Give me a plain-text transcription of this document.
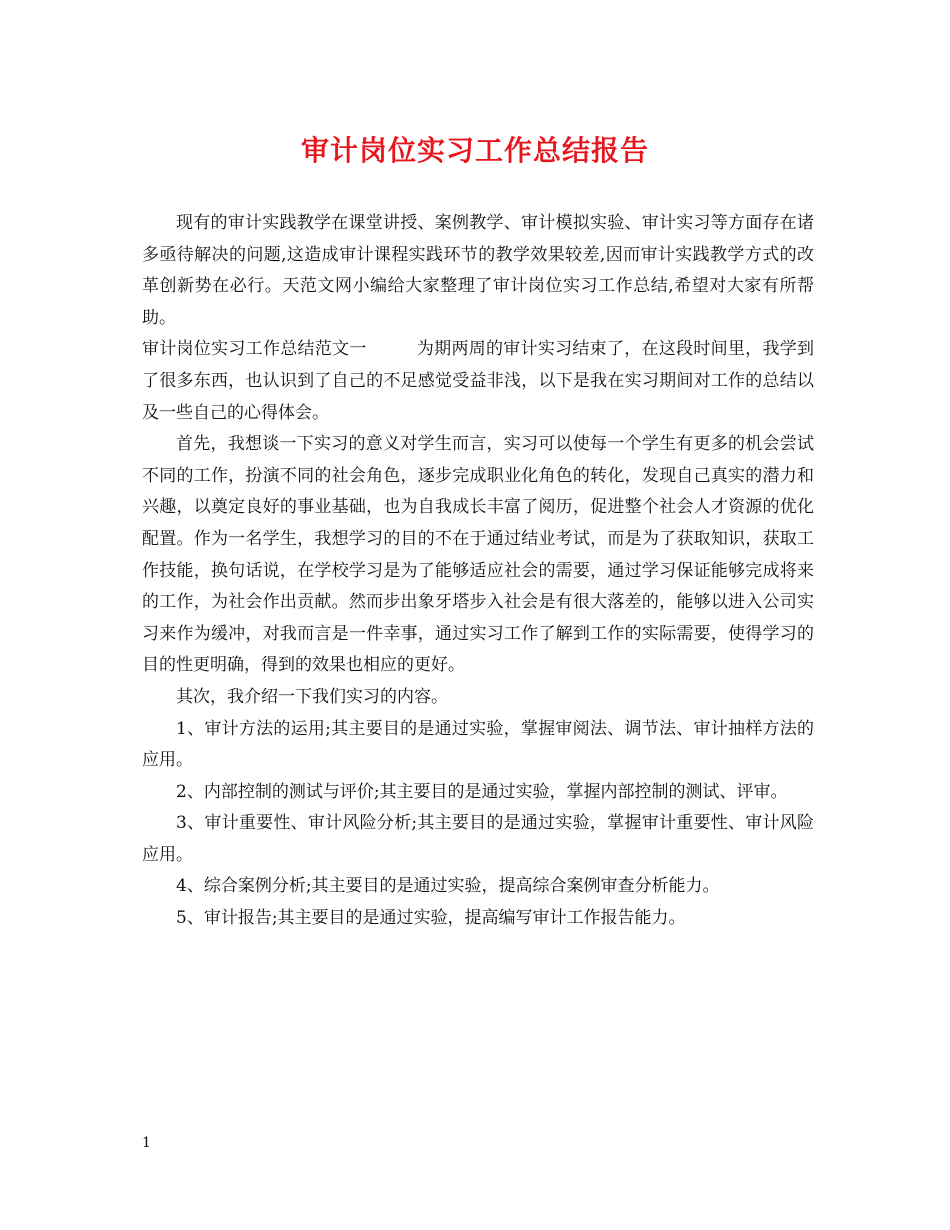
审计岗位实习工作总结报告

现有的审计实践教学在课堂讲授、案例教学、审计模拟实验、审计实习等方面存在诸多亟待解决的问题,这造成审计课程实践环节的教学效果较差,因而审计实践教学方式的改革创新势在必行。天范文网小编给大家整理了审计岗位实习工作总结,希望对大家有所帮助。

审计岗位实习工作总结范文一	为期两周的审计实习结束了，在这段时间里，我学到了很多东西，也认识到了自己的不足感觉受益非浅，以下是我在实习期间对工作的总结以及一些自己的心得体会。

首先，我想谈一下实习的意义对学生而言，实习可以使每一个学生有更多的机会尝试不同的工作，扮演不同的社会角色，逐步完成职业化角色的转化，发现自己真实的潜力和兴趣，以奠定良好的事业基础，也为自我成长丰富了阅历，促进整个社会人才资源的优化配置。作为一名学生，我想学习的目的不在于通过结业考试，而是为了获取知识，获取工作技能，换句话说，在学校学习是为了能够适应社会的需要，通过学习保证能够完成将来的工作，为社会作出贡献。然而步出象牙塔步入社会是有很大落差的，能够以进入公司实习来作为缓冲，对我而言是一件幸事，通过实习工作了解到工作的实际需要，使得学习的目的性更明确，得到的效果也相应的更好。

其次，我介绍一下我们实习的内容。

1、审计方法的运用;其主要目的是通过实验，掌握审阅法、调节法、审计抽样方法的应用。

2、内部控制的测试与评价;其主要目的是通过实验，掌握内部控制的测试、评审。

3、审计重要性、审计风险分析;其主要目的是通过实验，掌握审计重要性、审计风险应用。

4、综合案例分析;其主要目的是通过实验，提高综合案例审查分析能力。

5、审计报告;其主要目的是通过实验，提高编写审计工作报告能力。

1
